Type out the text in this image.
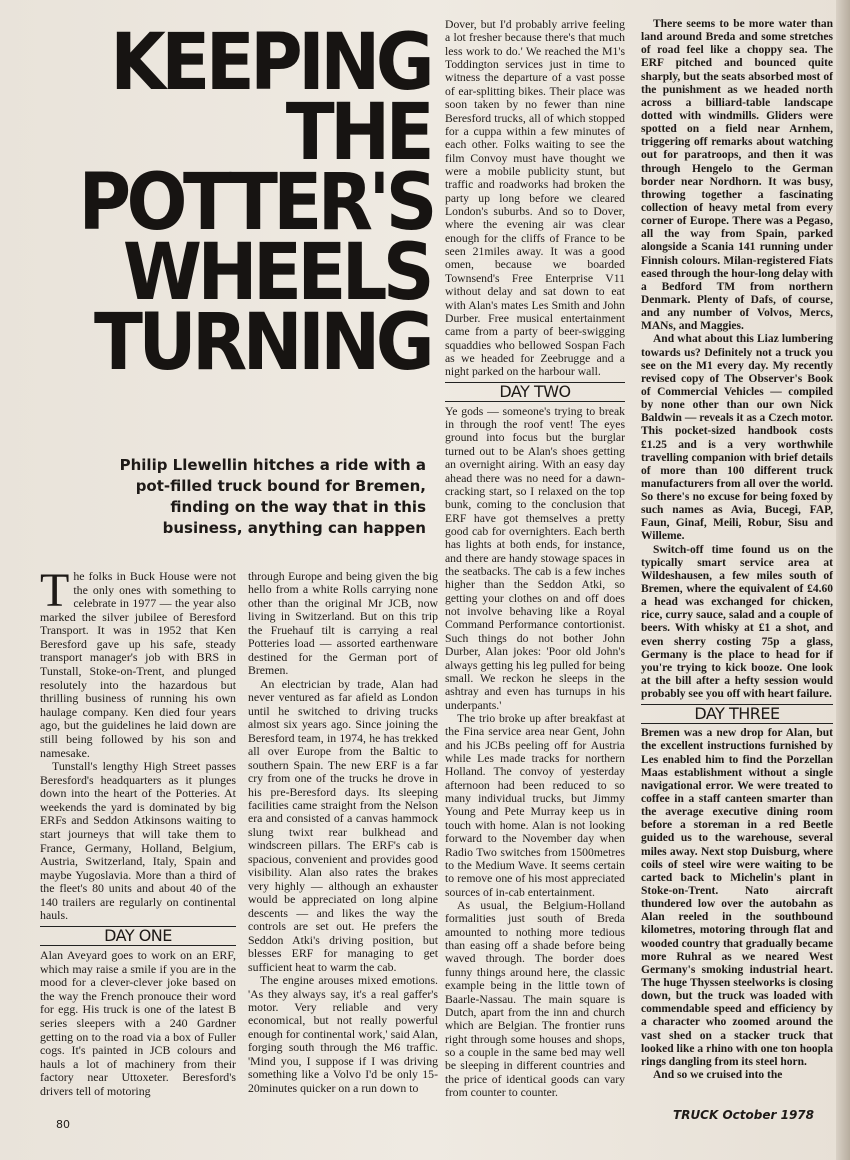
KEEPING
THE
POTTER'S
WHEELS
TURNING

Philip Llewellin hitches a ride with a pot-filled truck bound for Bremen, finding on the way that in this business, anything can happen

The folks in Buck House were not the only ones with something to celebrate in 1977 — the year also marked the silver jubilee of Beresford Transport. It was in 1952 that Ken Beresford gave up his safe, steady transport manager's job with BRS in Tunstall, Stoke-on-Trent, and plunged resolutely into the hazardous but thrilling business of running his own haulage company. Ken died four years ago, but the guidelines he laid down are still being followed by his son and namesake.

Tunstall's lengthy High Street passes Beresford's headquarters as it plunges down into the heart of the Potteries. At weekends the yard is dominated by big ERFs and Seddon Atkinsons waiting to start journeys that will take them to France, Germany, Holland, Belgium, Austria, Switzerland, Italy, Spain and maybe Yugoslavia. More than a third of the fleet's 80 units and about 40 of the 140 trailers are regularly on continental hauls.

DAY ONE

Alan Aveyard goes to work on an ERF, which may raise a smile if you are in the mood for a clever-clever joke based on the way the French pronouce their word for egg. His truck is one of the latest B series sleepers with a 240 Gardner getting on to the road via a box of Fuller cogs. It's painted in JCB colours and hauls a lot of machinery from their factory near Uttoxeter. Beresford's drivers tell of motoring

through Europe and being given the big hello from a white Rolls carrying none other than the original Mr JCB, now living in Switzerland. But on this trip the Fruehauf tilt is carrying a real Potteries load — assorted earthenware destined for the German port of Bremen.

An electrician by trade, Alan had never ventured as far afield as London until he switched to driving trucks almost six years ago. Since joining the Beresford team, in 1974, he has trekked all over Europe from the Baltic to southern Spain. The new ERF is a far cry from one of the trucks he drove in his pre-Beresford days. Its sleeping facilities came straight from the Nelson era and consisted of a canvas hammock slung twixt rear bulkhead and windscreen pillars. The ERF's cab is spacious, convenient and provides good visibility. Alan also rates the brakes very highly — although an exhauster would be appreciated on long alpine descents — and likes the way the controls are set out. He prefers the Seddon Atki's driving position, but blesses ERF for managing to get sufficient heat to warm the cab.

The engine arouses mixed emotions. 'As they always say, it's a real gaffer's motor. Very reliable and very economical, but not really powerful enough for continental work,' said Alan, forging south through the M6 traffic. 'Mind you, I suppose if I was driving something like a Volvo I'd be only 15-20minutes quicker on a run down to

Dover, but I'd probably arrive feeling a lot fresher because there's that much less work to do.' We reached the M1's Toddington services just in time to witness the departure of a vast posse of ear-splitting bikes. Their place was soon taken by no fewer than nine Beresford trucks, all of which stopped for a cuppa within a few minutes of each other. Folks waiting to see the film Convoy must have thought we were a mobile publicity stunt, but traffic and roadworks had broken the party up long before we cleared London's suburbs. And so to Dover, where the evening air was clear enough for the cliffs of France to be seen 21miles away. It was a good omen, because we boarded Townsend's Free Enterprise V11 without delay and sat down to eat with Alan's mates Les Smith and John Durber. Free musical entertainment came from a party of beer-swigging squaddies who bellowed Sospan Fach as we headed for Zeebrugge and a night parked on the harbour wall.

DAY TWO

Ye gods — someone's trying to break in through the roof vent! The eyes ground into focus but the burglar turned out to be Alan's shoes getting an overnight airing. With an easy day ahead there was no need for a dawn-cracking start, so I relaxed on the top bunk, coming to the conclusion that ERF have got themselves a pretty good cab for overnighters. Each berth has lights at both ends, for instance, and there are handy stowage spaces in the seatbacks. The cab is a few inches higher than the Seddon Atki, so getting your clothes on and off does not involve behaving like a Royal Command Performance contortionist. Such things do not bother John Durber, Alan jokes: 'Poor old John's always getting his leg pulled for being small. We reckon he sleeps in the ashtray and even has turnups in his underpants.'

The trio broke up after breakfast at the Fina service area near Gent, John and his JCBs peeling off for Austria while Les made tracks for northern Holland. The convoy of yesterday afternoon had been reduced to so many individual trucks, but Jimmy Young and Pete Murray keep us in touch with home. Alan is not looking forward to the November day when Radio Two switches from 1500metres to the Medium Wave. It seems certain to remove one of his most appreciated sources of in-cab entertainment.

As usual, the Belgium-Holland formalities just south of Breda amounted to nothing more tedious than easing off a shade before being waved through. The border does funny things around here, the classic example being in the little town of Baarle-Nassau. The main square is Dutch, apart from the inn and church which are Belgian. The frontier runs right through some houses and shops, so a couple in the same bed may well be sleeping in different countries and the price of identical goods can vary from counter to counter.

There seems to be more water than land around Breda and some stretches of road feel like a choppy sea. The ERF pitched and bounced quite sharply, but the seats absorbed most of the punishment as we headed north across a billiard-table landscape dotted with windmills. Gliders were spotted on a field near Arnhem, triggering off remarks about watching out for paratroops, and then it was through Hengelo to the German border near Nordhorn. It was busy, throwing together a fascinating collection of heavy metal from every corner of Europe. There was a Pegaso, all the way from Spain, parked alongside a Scania 141 running under Finnish colours. Milan-registered Fiats eased through the hour-long delay with a Bedford TM from northern Denmark. Plenty of Dafs, of course, and any number of Volvos, Mercs, MANs, and Maggies.

And what about this Liaz lumbering towards us? Definitely not a truck you see on the M1 every day. My recently revised copy of The Observer's Book of Commercial Vehicles — compiled by none other than our own Nick Baldwin — reveals it as a Czech motor. This pocket-sized handbook costs £1.25 and is a very worthwhile travelling companion with brief details of more than 100 different truck manufacturers from all over the world. So there's no excuse for being foxed by such names as Avia, Bucegi, FAP, Faun, Ginaf, Meili, Robur, Sisu and Willeme.

Switch-off time found us on the typically smart service area at Wildeshausen, a few miles south of Bremen, where the equivalent of £4.60 a head was exchanged for chicken, rice, curry sauce, salad and a couple of beers. With whisky at £1 a shot, and even sherry costing 75p a glass, Germany is the place to head for if you're trying to kick booze. One look at the bill after a hefty session would probably see you off with heart failure.

DAY THREE

Bremen was a new drop for Alan, but the excellent instructions furnished by Les enabled him to find the Porzellan Maas establishment without a single navigational error. We were treated to coffee in a staff canteen smarter than the average executive dining room before a storeman in a red Beetle guided us to the warehouse, several miles away. Next stop Duisburg, where coils of steel wire were waiting to be carted back to Michelin's plant in Stoke-on-Trent. Nato aircraft thundered low over the autobahn as Alan reeled in the southbound kilometres, motoring through flat and wooded country that gradually became more Ruhral as we neared West Germany's smoking industrial heart. The huge Thyssen steelworks is closing down, but the truck was loaded with commendable speed and efficiency by a character who zoomed around the vast shed on a stacker truck that looked like a rhino with one ton hoopla rings dangling from its steel horn.

And so we cruised into the

80
TRUCK October 1978
